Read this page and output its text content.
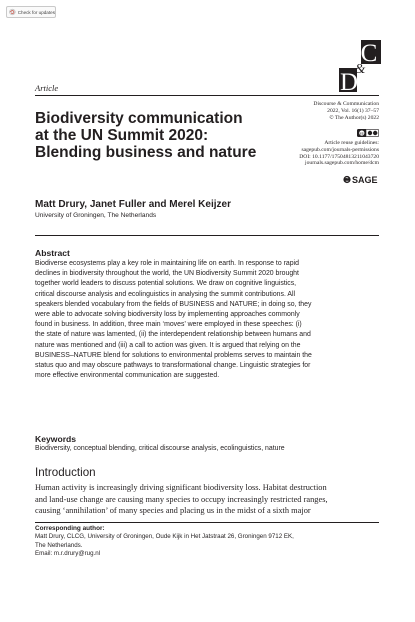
Check for updates
C
&
D
Article
Biodiversity communication
at the UN Summit 2020:
Blending business and nature
Discourse & Communication
2022, Vol. 16(1) 37–57
© The Author(s) 2022
cc
Article reuse guidelines:
sagepub.com/journals-permissions
DOI: 10.1177/17504813211043720
journals.sagepub.com/home/dcm
SAGE
Matt Drury, Janet Fuller and Merel Keijzer
University of Groningen, The Netherlands
Abstract
Biodiverse ecosystems play a key role in maintaining life on earth. In response to rapid
declines in biodiversity throughout the world, the UN Biodiversity Summit 2020 brought
together world leaders to discuss potential solutions. We draw on cognitive linguistics,
critical discourse analysis and ecolinguistics in analysing the summit contributions. All
speakers blended vocabulary from the fields of BUSINESS and NATURE; in doing so, they
were able to advocate solving biodiversity loss by implementing approaches commonly
found in business. In addition, three main ‘moves’ were employed in these speeches: (i)
the state of nature was lamented, (ii) the interdependent relationship between humans and
nature was mentioned and (iii) a call to action was given. It is argued that relying on the
BUSINESS–NATURE blend for solutions to environmental problems serves to maintain the
status quo and may obscure pathways to transformational change. Linguistic strategies for
more effective environmental communication are suggested.
Keywords
Biodiversity, conceptual blending, critical discourse analysis, ecolinguistics, nature
Introduction
Human activity is increasingly driving significant biodiversity loss. Habitat destruction
and land-use change are causing many species to occupy increasingly restricted ranges,
causing ‘annihilation’ of many species and placing us in the midst of a sixth major
Corresponding author:
Matt Drury, CLCG, University of Groningen, Oude Kijk in Het Jatstraat 26, Groningen 9712 EK,
The Netherlands.
Email: m.r.drury@rug.nl
